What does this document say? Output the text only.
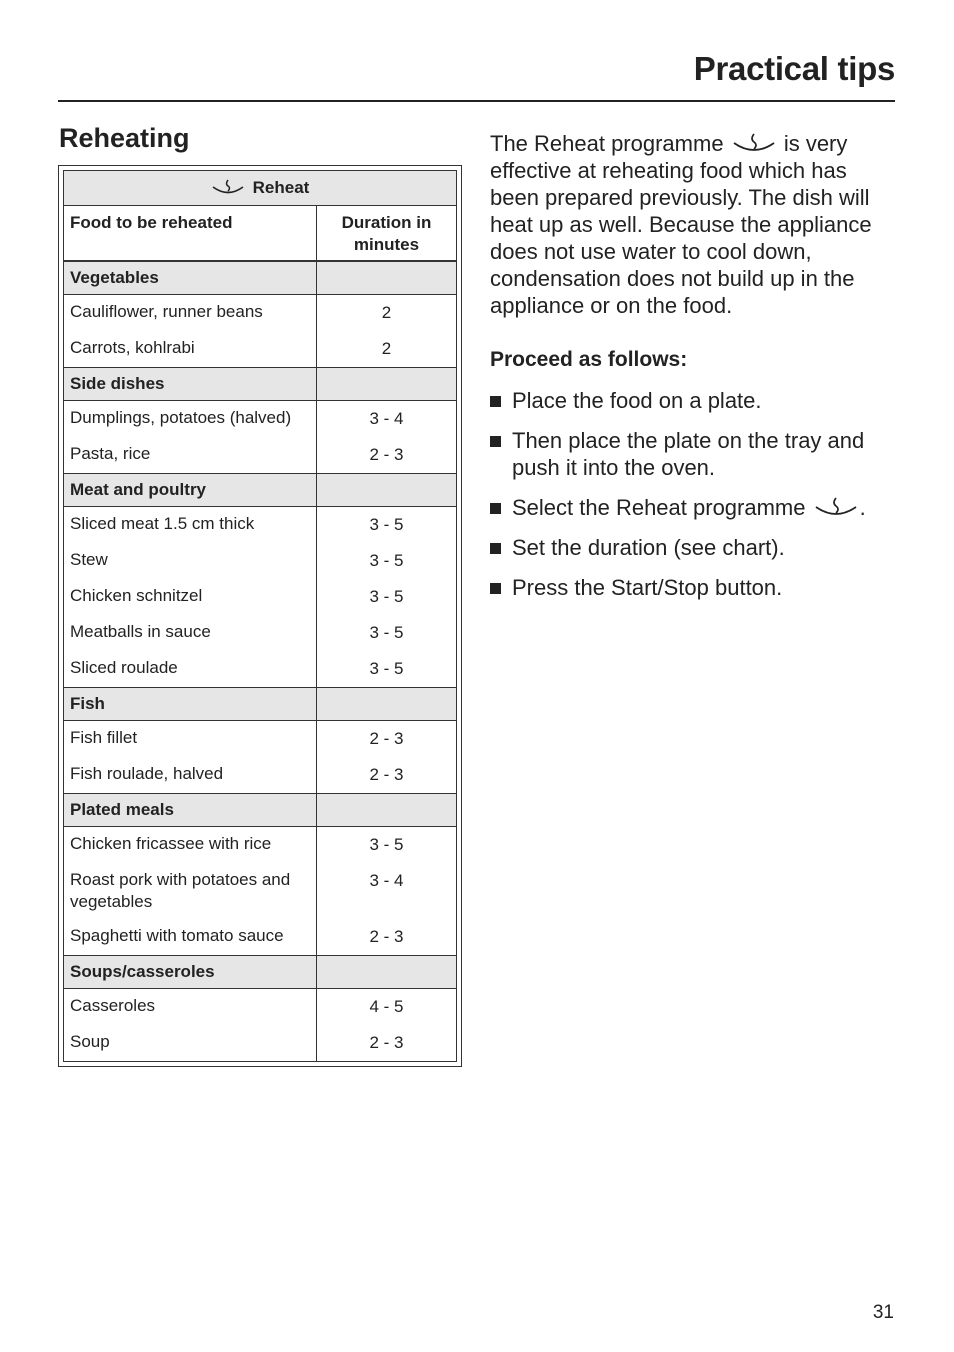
Practical tips
Reheating
Reheat	
Food to be reheated	Duration in minutes
Vegetables	

Cauliflower, runner beans	2

Carrots, kohlrabi	2

Side dishes	

Dumplings, potatoes (halved)	3 - 4

Pasta, rice	2 - 3

Meat and poultry	

Sliced meat 1.5 cm thick	3 - 5

Stew	3 - 5

Chicken schnitzel	3 - 5

Meatballs in sauce	3 - 5

Sliced roulade	3 - 5

Fish	

Fish fillet	2 - 3

Fish roulade, halved	2 - 3

Plated meals	

Chicken fricassee with rice	3 - 5

Roast pork with potatoes and vegetables	3 - 4

Spaghetti with tomato sauce	2 - 3

Soups/casseroles	

Casseroles	4 - 5

Soup	2 - 3

The Reheat programme	is very effective at reheating food which has been prepared previously. The dish will heat up as well. Because the appliance does not use water to cool down, condensation does not build up in the appliance or on the food.

Proceed as follows:

Place the food on a plate.
Then place the plate on the tray and push it into the oven.
Select the Reheat programme .
Set the duration (see chart).
Press the Start/Stop button.
31
